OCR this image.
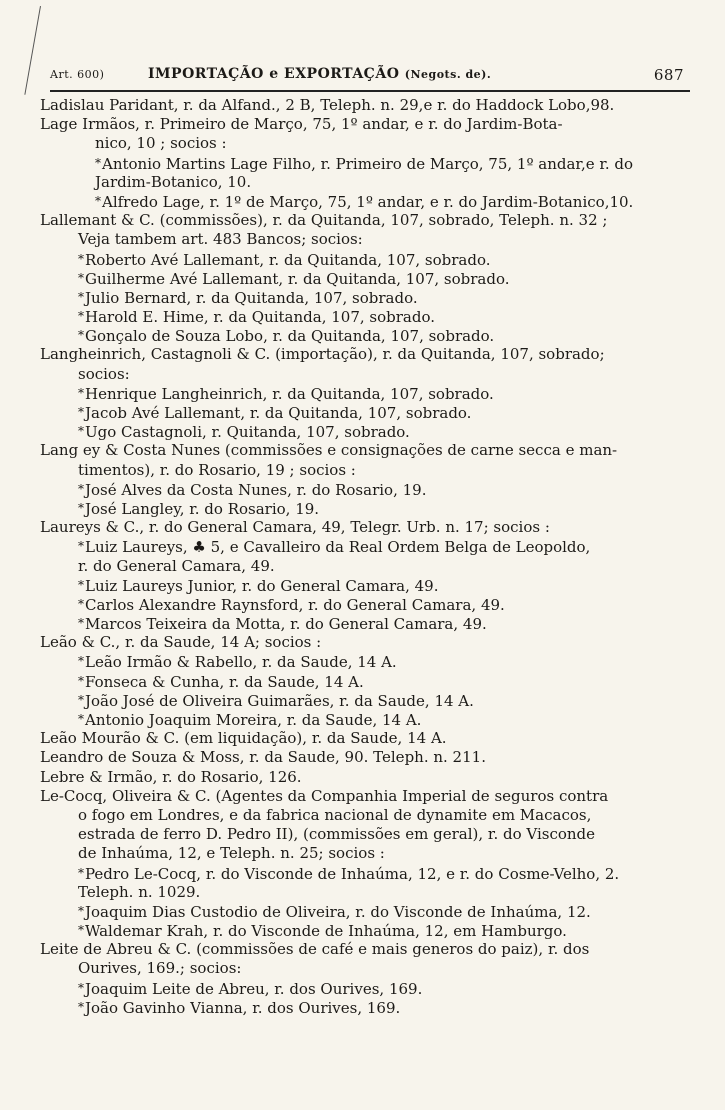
Art. 600)	IMPORTAÇÃO e EXPORTAÇÃO (Negots. de).	687
Ladislau Paridant, r. da Alfand., 2 B, Teleph. n. 29,e r. do Haddock Lobo,98.
Lage Irmãos, r. Primeiro de Março, 75, 1º andar, e r. do Jardim-Bota-
nico, 10 ; socios :
*Antonio Martins Lage Filho, r. Primeiro de Março, 75, 1º andar,e r. do
Jardim-Botanico, 10.
*Alfredo Lage, r. 1º de Março, 75, 1º andar, e r. do Jardim-Botanico,10.
Lallemant & C. (commissões), r. da Quitanda, 107, sobrado, Teleph. n. 32 ;
Veja tambem art. 483 Bancos; socios:
*Roberto Avé Lallemant, r. da Quitanda, 107, sobrado.
*Guilherme Avé Lallemant, r. da Quitanda, 107, sobrado.
*Julio Bernard, r. da Quitanda, 107, sobrado.
*Harold E. Hime, r. da Quitanda, 107, sobrado.
*Gonçalo de Souza Lobo, r. da Quitanda, 107, sobrado.
Langheinrich, Castagnoli & C. (importação), r. da Quitanda, 107, sobrado;
socios:
*Henrique Langheinrich, r. da Quitanda, 107, sobrado.
*Jacob Avé Lallemant, r. da Quitanda, 107, sobrado.
*Ugo Castagnoli, r. Quitanda, 107, sobrado.
Lang ey & Costa Nunes (commissões e consignações de carne secca e man-
timentos), r. do Rosario, 19 ; socios :
*José Alves da Costa Nunes, r. do Rosario, 19.
*José Langley, r. do Rosario, 19.
Laureys & C., r. do General Camara, 49, Telegr. Urb. n. 17; socios :
*Luiz Laureys, ♣ 5, e Cavalleiro da Real Ordem Belga de Leopoldo,
r. do General Camara, 49.
*Luiz Laureys Junior, r. do General Camara, 49.
*Carlos Alexandre Raynsford, r. do General Camara, 49.
*Marcos Teixeira da Motta, r. do General Camara, 49.
Leão & C., r. da Saude, 14 A; socios :
*Leão Irmão & Rabello, r. da Saude, 14 A.
*Fonseca & Cunha, r. da Saude, 14 A.
*João José de Oliveira Guimarães, r. da Saude, 14 A.
*Antonio Joaquim Moreira, r. da Saude, 14 A.
Leão Mourão & C. (em liquidação), r. da Saude, 14 A.
Leandro de Souza & Moss, r. da Saude, 90. Teleph. n. 211.
Lebre & Irmão, r. do Rosario, 126.
Le-Cocq, Oliveira & C. (Agentes da Companhia Imperial de seguros contra
o fogo em Londres, e da fabrica nacional de dynamite em Macacos,
estrada de ferro D. Pedro II), (commissões em geral), r. do Visconde
de Inhaúma, 12, e Teleph. n. 25; socios :
*Pedro Le-Cocq, r. do Visconde de Inhaúma, 12, e r. do Cosme-Velho, 2.
Teleph. n. 1029.
*Joaquim Dias Custodio de Oliveira, r. do Visconde de Inhaúma, 12.
*Waldemar Krah, r. do Visconde de Inhaúma, 12, em Hamburgo.
Leite de Abreu & C. (commissões de café e mais generos do paiz), r. dos
Ourives, 169.; socios:
*Joaquim Leite de Abreu, r. dos Ourives, 169.
*João Gavinho Vianna, r. dos Ourives, 169.
